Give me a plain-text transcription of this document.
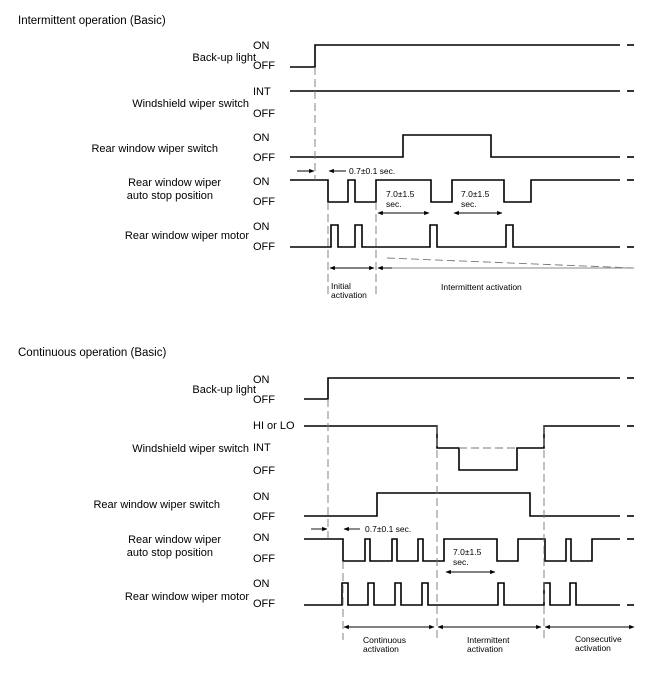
Intermittent operation (Basic)
Back-up light
Windshield wiper switch
Rear window wiper switch
Rear window wiper
auto stop position
Rear window wiper motor
ON
OFF
INT
OFF
ON
OFF
ON
OFF
ON
OFF
0.7±0.1 sec.
7.0±1.5
sec.
7.0±1.5
sec.
Initial
activation
Intermittent activation
Continuous operation (Basic)
Back-up light
Windshield wiper switch
Rear window wiper switch
Rear window wiper
auto stop position
Rear window wiper motor
ON
OFF
HI or LO
INT
OFF
ON
OFF
ON
OFF
ON
OFF
0.7±0.1 sec.
7.0±1.5
sec.
Continuous
activation
Intermittent
activation
Consecutive
activation
